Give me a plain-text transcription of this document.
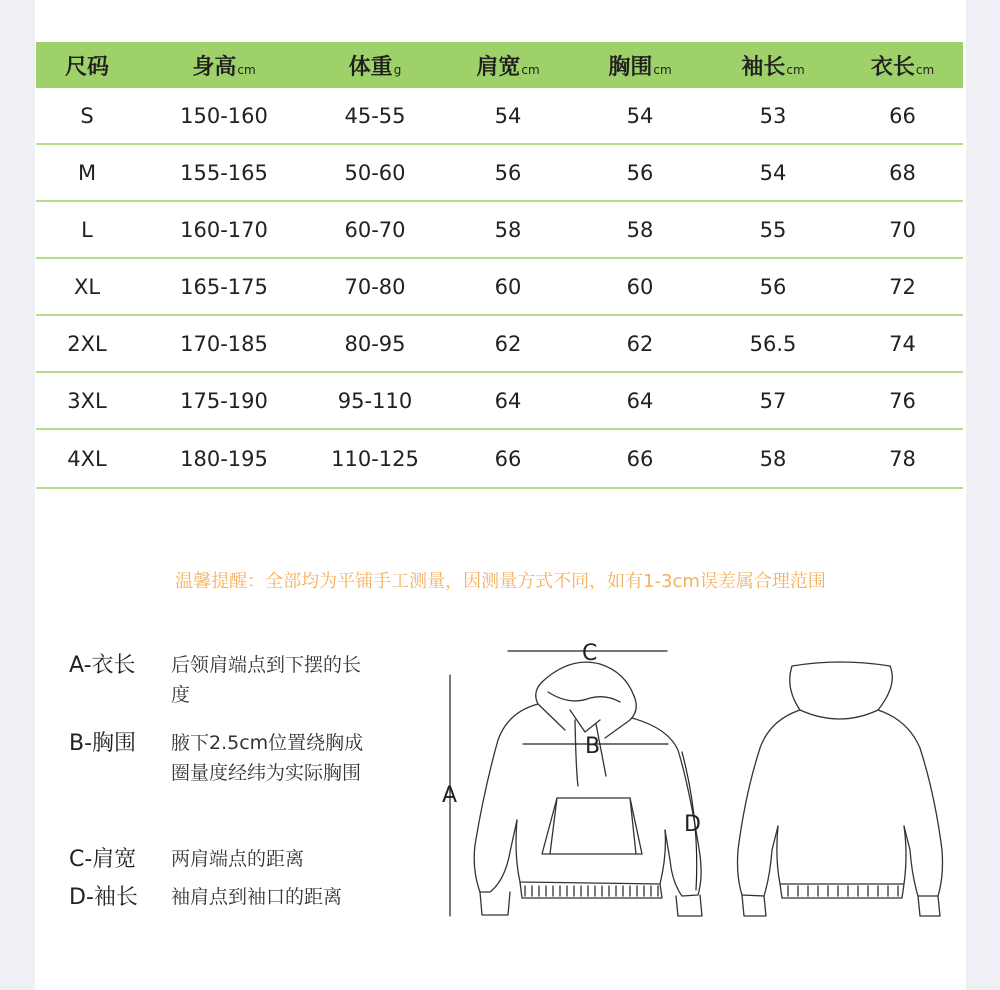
尺码	身高cm	体重g	肩宽cm	胸围cm	袖长cm	衣长cm
S	150-160	45-55	54	54	53	66
M	155-165	50-60	56	56	54	68
L	160-170	60-70	58	58	55	70
XL	165-175	70-80	60	60	56	72
2XL	170-185	80-95	62	62	56.5	74
3XL	175-190	95-110	64	64	57	76
4XL	180-195	110-125	66	66	58	78
温馨提醒：全部均为平铺手工测量，因测量方式不同，如有1-3cm误差属合理范围
A-衣长 后领肩端点到下摆的长度
B-胸围 腋下2.5cm位置绕胸成圈量度经纬为实际胸围
C-肩宽 两肩端点的距离
D-袖长 袖肩点到袖口的距离
A
C
B
D
